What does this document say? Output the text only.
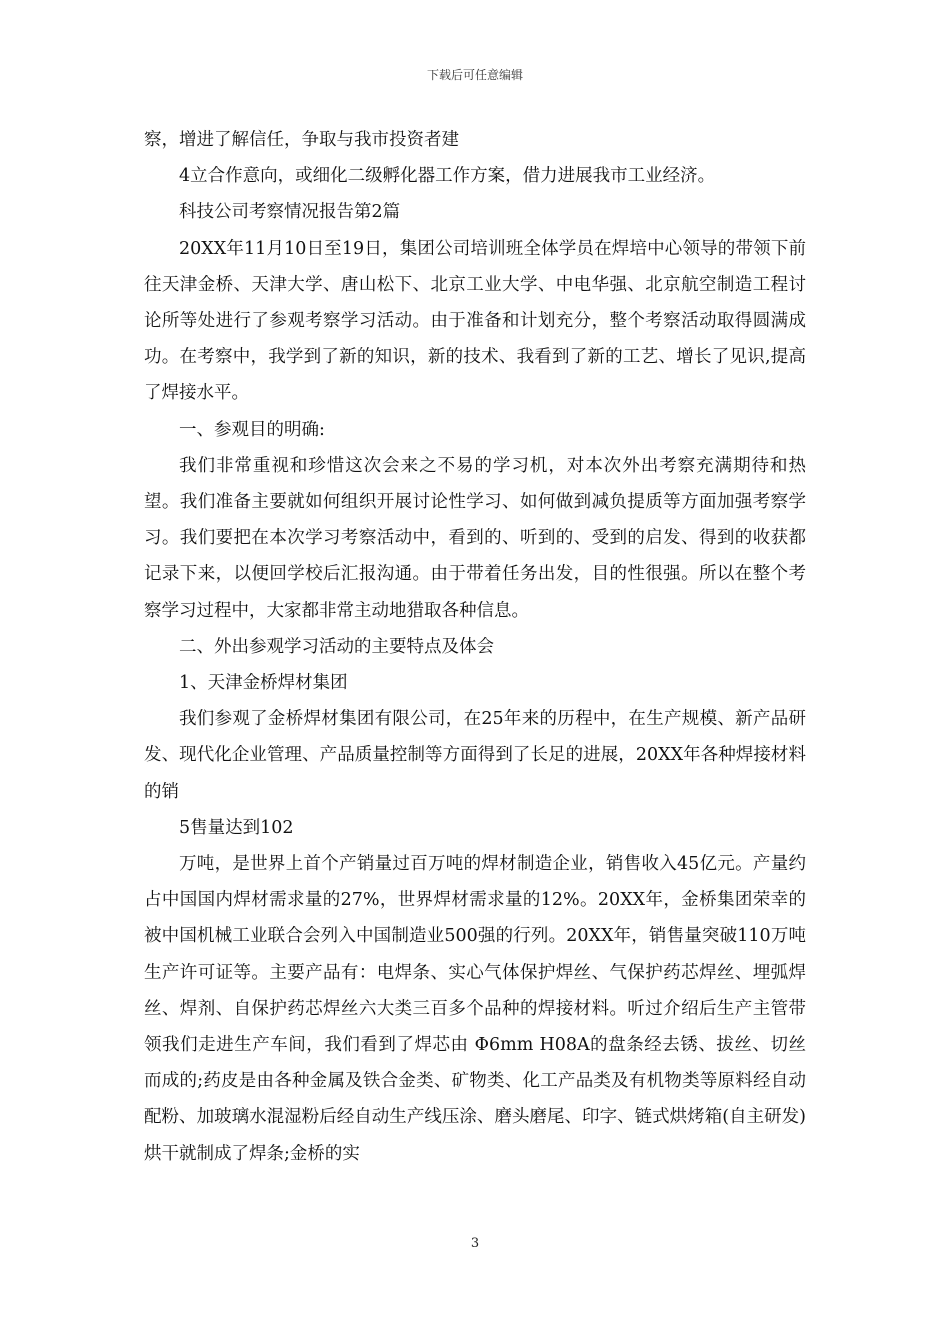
下载后可任意编辑

察，增进了解信任，争取与我市投资者建

4立合作意向，或细化二级孵化器工作方案，借力进展我市工业经济。

科技公司考察情况报告第2篇

20XX年11月10日至19日，集团公司培训班全体学员在焊培中心领导的带领下前往天津金桥、天津大学、唐山松下、北京工业大学、中电华强、北京航空制造工程讨论所等处进行了参观考察学习活动。由于准备和计划充分，整个考察活动取得圆满成功。在考察中，我学到了新的知识，新的技术、我看到了新的工艺、增长了见识,提高了焊接水平。

一、参观目的明确:

我们非常重视和珍惜这次会来之不易的学习机，对本次外出考察充满期待和热望。我们准备主要就如何组织开展讨论性学习、如何做到减负提质等方面加强考察学习。我们要把在本次学习考察活动中，看到的、听到的、受到的启发、得到的收获都记录下来，以便回学校后汇报沟通。由于带着任务出发，目的性很强。所以在整个考察学习过程中，大家都非常主动地猎取各种信息。

二、外出参观学习活动的主要特点及体会

1、天津金桥焊材集团

我们参观了金桥焊材集团有限公司，在25年来的历程中，在生产规模、新产品研发、现代化企业管理、产品质量控制等方面得到了长足的进展，20XX年各种焊接材料的销

5售量达到102

万吨，是世界上首个产销量过百万吨的焊材制造企业，销售收入45亿元。产量约占中国国内焊材需求量的27%，世界焊材需求量的12%。20XX年，金桥集团荣幸的被中国机械工业联合会列入中国制造业500强的行列。20XX年，销售量突破110万吨生产许可证等。主要产品有：电焊条、实心气体保护焊丝、气保护药芯焊丝、埋弧焊丝、焊剂、自保护药芯焊丝六大类三百多个品种的焊接材料。听过介绍后生产主管带领我们走进生产车间，我们看到了焊芯由 Φ6mm H08A的盘条经去锈、拔丝、切丝而成的;药皮是由各种金属及铁合金类、矿物类、化工产品类及有机物类等原料经自动配粉、加玻璃水混湿粉后经自动生产线压涂、磨头磨尾、印字、链式烘烤箱(自主研发)烘干就制成了焊条;金桥的实

3
